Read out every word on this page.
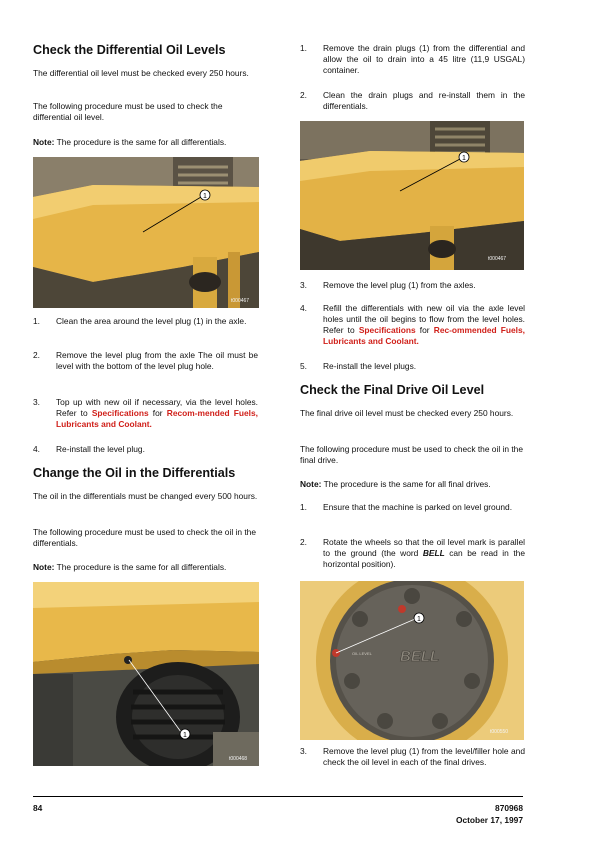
Check the Differential Oil Levels

The differential oil level must be checked every 250 hours.

The following procedure must be used to check the differential oil level.

Note: The procedure is the same for all differentials.

1
t000467
1.	Clean the area around the level plug (1) in the axle.
2.	Remove the level plug from the axle The oil must be level with the bottom of the level plug hole.
3.	Top up with new oil if necessary, via the level holes. Refer to Specifications for Recom-mended Fuels, Lubricants and Coolant.
4.	Re-install the level plug.
Change the Oil in the Differentials

The oil in the differentials must be changed every 500 hours.

The following procedure must be used to check the oil in the differentials.

Note: The procedure is the same for all differentials.

1
t000468
1.	Remove the drain plugs (1) from the differential and allow the oil to drain into a 45 litre (11,9 USGAL) container.
2.	Clean the drain plugs and re-install them in the differentials.
1
t000467
3.	Remove the level plug (1) from the axles.
4.	Refill the differentials with new oil via the axle level holes until the oil begins to flow from the level holes. Refer to Specifications for Rec-ommended Fuels, Lubricants and Coolant.
5.	Re-install the level plugs.
Check the Final Drive Oil Level

The final drive oil level must be checked every 250 hours.

The following procedure must be used to check the oil in the final drive.

Note: The procedure is the same for all final drives.

1.	Ensure that the machine is parked on level ground.
2.	Rotate the wheels so that the oil level mark is parallel to the ground (the word BELL can be read in the horizontal position).
BELL
OIL LEVEL
1
t000550
3.	Remove the level plug (1) from the level/filler hole and check the oil level in each of the final drives.
84	870968
October 17, 1997
